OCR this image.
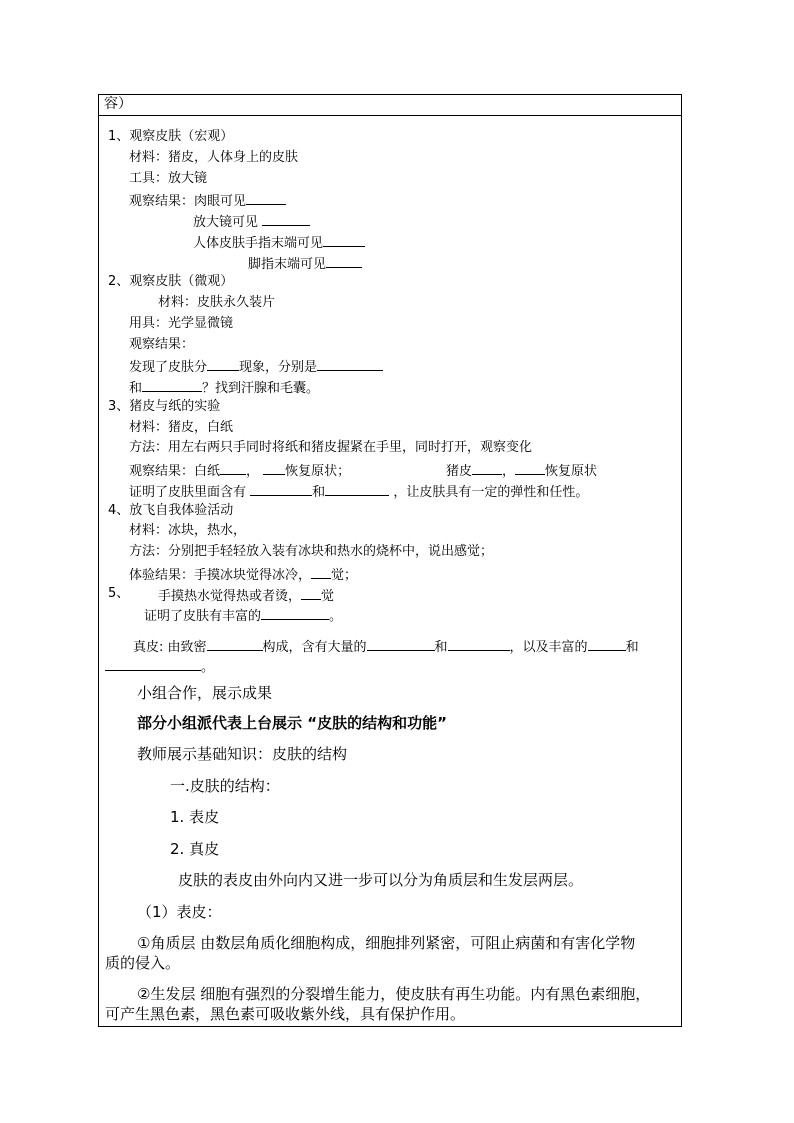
容）
1、观察皮肤（宏观）
材料：猪皮，人体身上的皮肤
工具：放大镜
观察结果：肉眼可见
放大镜可见
人体皮肤手指末端可见
脚指末端可见
2、观察皮肤（微观）
材料：皮肤永久装片
用具：光学显微镜
观察结果：
发现了皮肤分 现象，分别是
和	？找到汗腺和毛囊。
3、猪皮与纸的实验
材料：猪皮，白纸
方法：用左右两只手同时将纸和猪皮握紧在手里，同时打开，观察变化
观察结果：白纸 ， 恢复原状；	猪皮 ， 恢复原状
证明了皮肤里面含有	和	，让皮肤具有一定的弹性和任性。
4、放飞自我体验活动
材料：冰块，热水，
方法：分别把手轻轻放入装有冰块和热水的烧杯中，说出感觉；
体验结果：手摸冰块觉得冰冷， 觉；
5、 手摸热水觉得热或者烫， 觉
证明了皮肤有丰富的	。
真皮: 由致密	构成，含有大量的	和	，以及丰富的	和
。
小组合作，展示成果
部分小组派代表上台展示 “皮肤的结构和功能”
教师展示基础知识：皮肤的结构
一.皮肤的结构：
1. 表皮
2. 真皮
皮肤的表皮由外向内又进一步可以分为角质层和生发层两层。
（1）表皮：
①角质层 由数层角质化细胞构成，细胞排列紧密，可阻止病菌和有害化学物
质的侵入。
②生发层 细胞有强烈的分裂增生能力，使皮肤有再生功能。内有黑色素细胞，
可产生黑色素，黑色素可吸收紫外线，具有保护作用。
